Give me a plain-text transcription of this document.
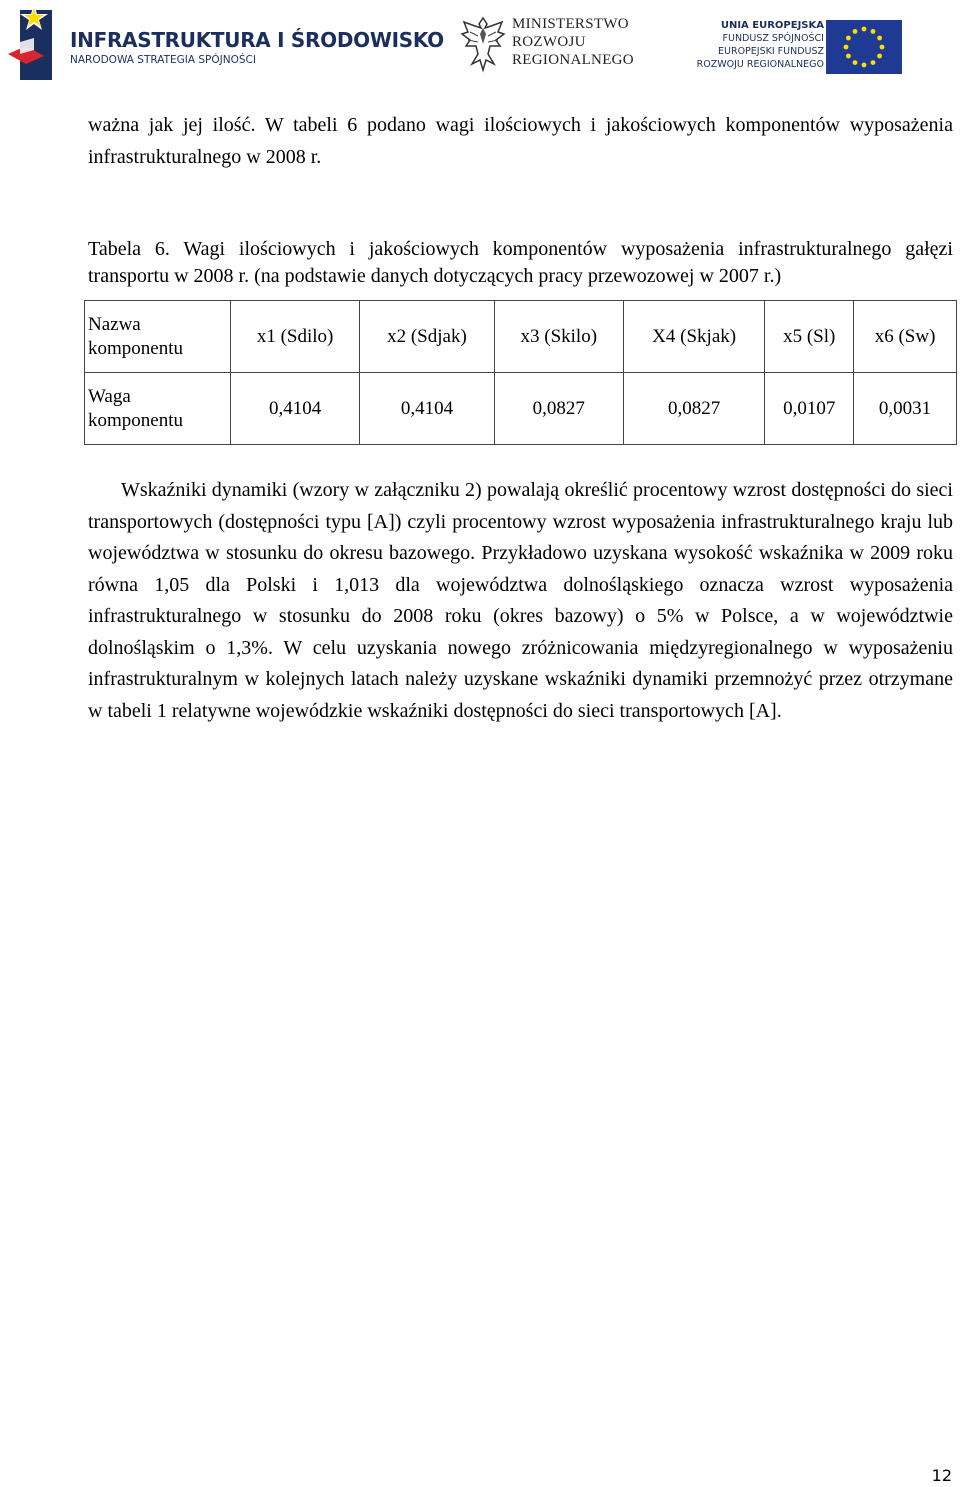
INFRASTRUKTURA I ŚRODOWISKO
NARODOWA STRATEGIA SPÓJNOŚCI
MINISTERSTWO
ROZWOJU
REGIONALNEGO
UNIA EUROPEJSKA
FUNDUSZ SPÓJNOŚCI
EUROPEJSKI FUNDUSZ
ROZWOJU REGIONALNEGO
ważna jak jej ilość. W tabeli 6 podano wagi ilościowych i jakościowych komponentów wyposażenia infrastrukturalnego w 2008 r.
Tabela 6. Wagi ilościowych i jakościowych komponentów wyposażenia infrastrukturalnego gałęzi transportu w 2008 r. (na podstawie danych dotyczących pracy przewozowej w 2007 r.)
Nazwa komponentu	x1 (Sdilo)	x2 (Sdjak)	x3 (Skilo)	X4 (Skjak)	x5 (Sl)	x6 (Sw)
Waga komponentu	0,4104	0,4104	0,0827	0,0827	0,0107	0,0031
Wskaźniki dynamiki (wzory w załączniku 2) powalają określić procentowy wzrost dostępności do sieci transportowych (dostępności typu [A]) czyli procentowy wzrost wyposażenia infrastrukturalnego kraju lub województwa w stosunku do okresu bazowego. Przykładowo uzyskana wysokość wskaźnika w 2009 roku równa 1,05 dla Polski i 1,013 dla województwa dolnośląskiego oznacza wzrost wyposażenia infrastrukturalnego w stosunku do 2008 roku (okres bazowy) o 5% w Polsce, a w województwie dolnośląskim o 1,3%. W celu uzyskania nowego zróżnicowania międzyregionalnego w wyposażeniu infrastrukturalnym w kolejnych latach należy uzyskane wskaźniki dynamiki przemnożyć przez otrzymane w tabeli 1 relatywne wojewódzkie wskaźniki dostępności do sieci transportowych [A].
12
